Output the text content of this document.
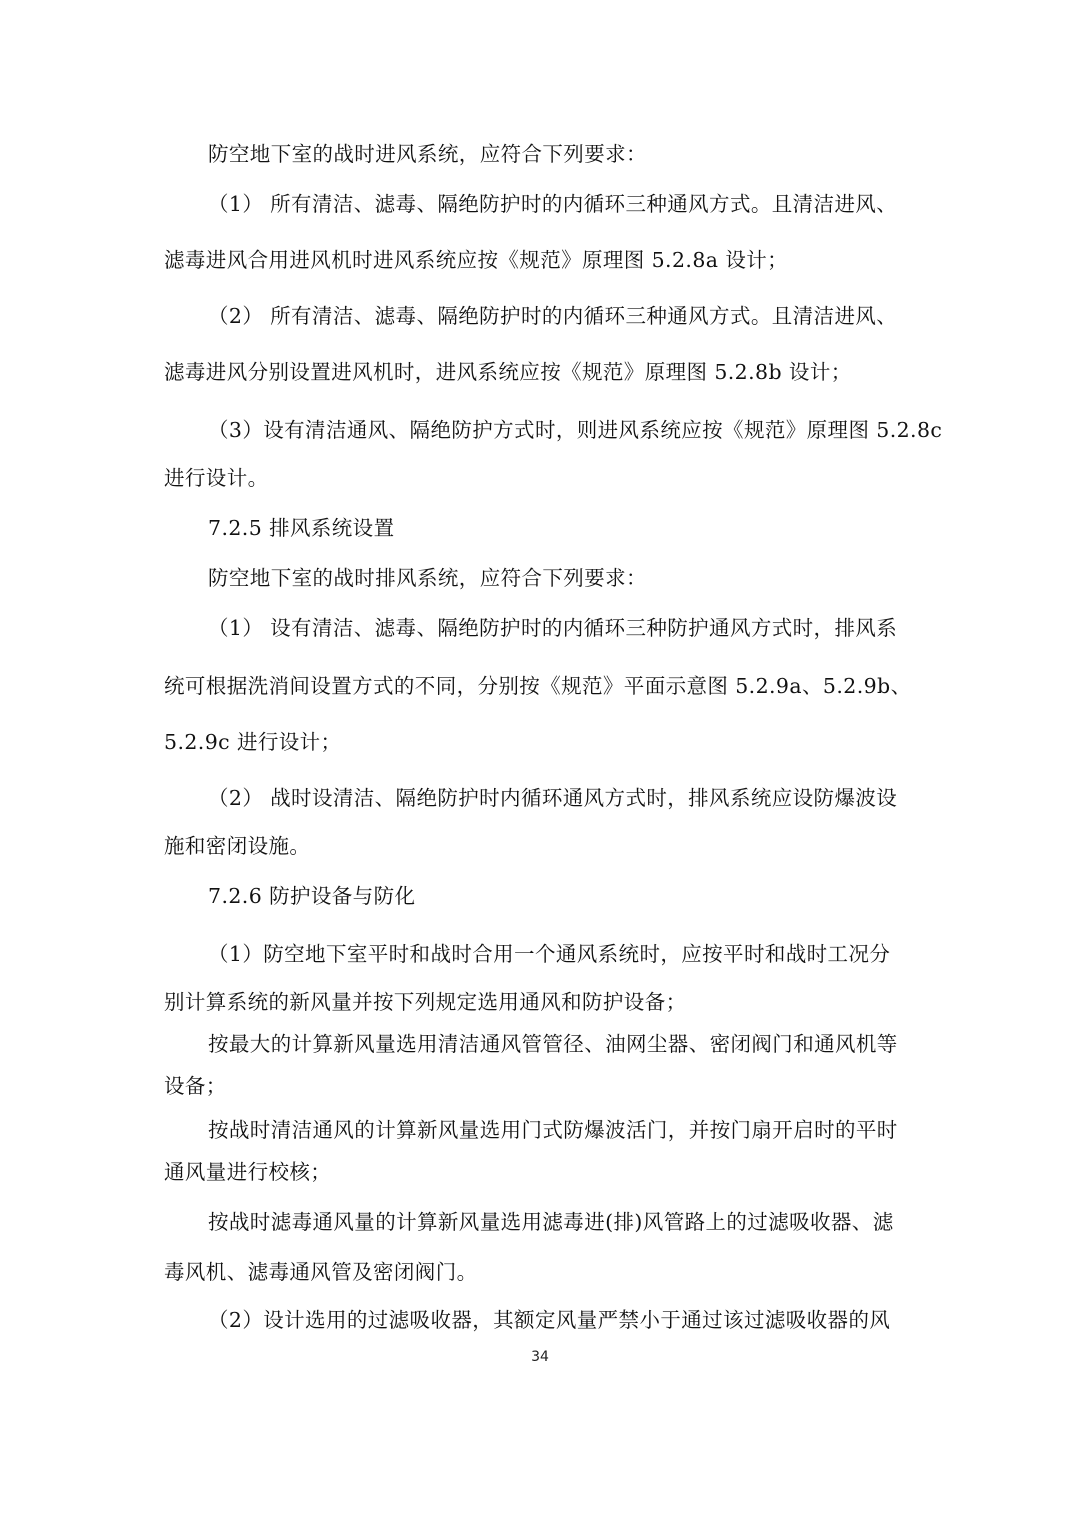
防空地下室的战时进风系统，应符合下列要求：

（1） 所有清洁、滤毒、隔绝防护时的内循环三种通风方式。且清洁进风、

滤毒进风合用进风机时进风系统应按《规范》原理图 5.2.8a 设计；

（2） 所有清洁、滤毒、隔绝防护时的内循环三种通风方式。且清洁进风、

滤毒进风分别设置进风机时，进风系统应按《规范》原理图 5.2.8b 设计；

（3）设有清洁通风、隔绝防护方式时，则进风系统应按《规范》原理图 5.2.8c

进行设计。

7.2.5 排风系统设置

防空地下室的战时排风系统，应符合下列要求：

（1） 设有清洁、滤毒、隔绝防护时的内循环三种防护通风方式时，排风系

统可根据洗消间设置方式的不同，分别按《规范》平面示意图 5.2.9a、5.2.9b、

5.2.9c 进行设计；

（2） 战时设清洁、隔绝防护时内循环通风方式时，排风系统应设防爆波设

施和密闭设施。

7.2.6 防护设备与防化

（1）防空地下室平时和战时合用一个通风系统时，应按平时和战时工况分

别计算系统的新风量并按下列规定选用通风和防护设备；

按最大的计算新风量选用清洁通风管管径、油网尘器、密闭阀门和通风机等

设备；

按战时清洁通风的计算新风量选用门式防爆波活门，并按门扇开启时的平时

通风量进行校核；

按战时滤毒通风量的计算新风量选用滤毒进(排)风管路上的过滤吸收器、滤

毒风机、滤毒通风管及密闭阀门。

（2）设计选用的过滤吸收器，其额定风量严禁小于通过该过滤吸收器的风

34
